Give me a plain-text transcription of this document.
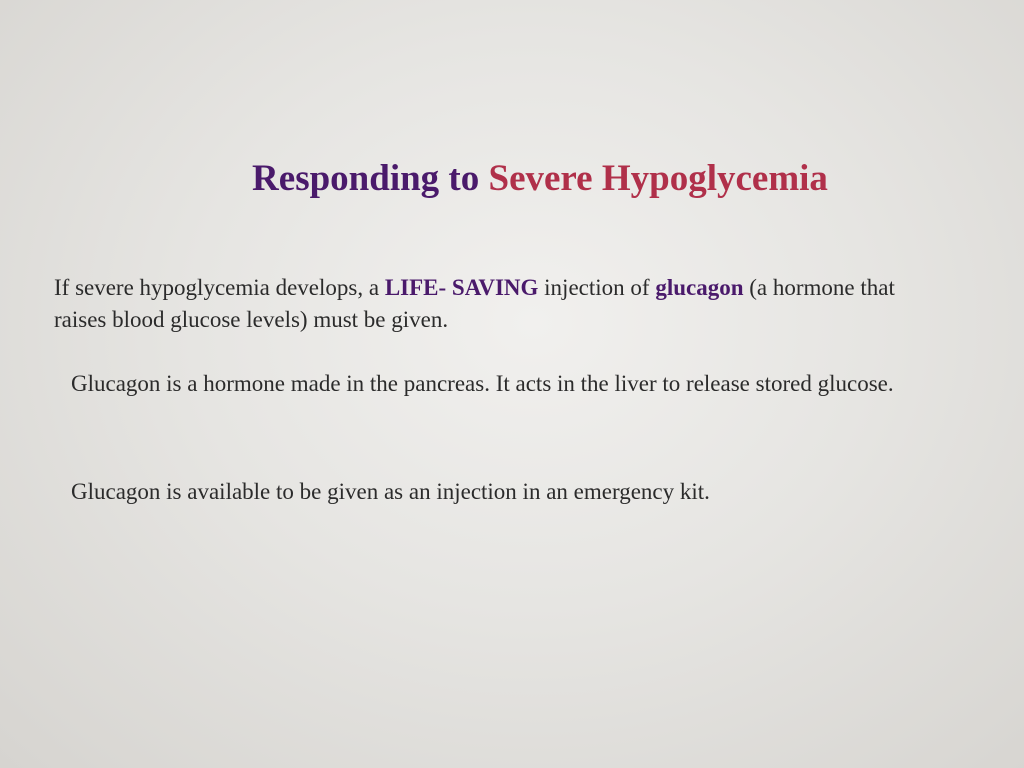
Responding to Severe Hypoglycemia
If severe hypoglycemia develops, a LIFE- SAVING injection of glucagon (a hormone that raises blood glucose levels) must be given.
Glucagon is a hormone made in the pancreas. It acts in the liver to release stored glucose.
Glucagon is available to be given as an injection in an emergency kit.
